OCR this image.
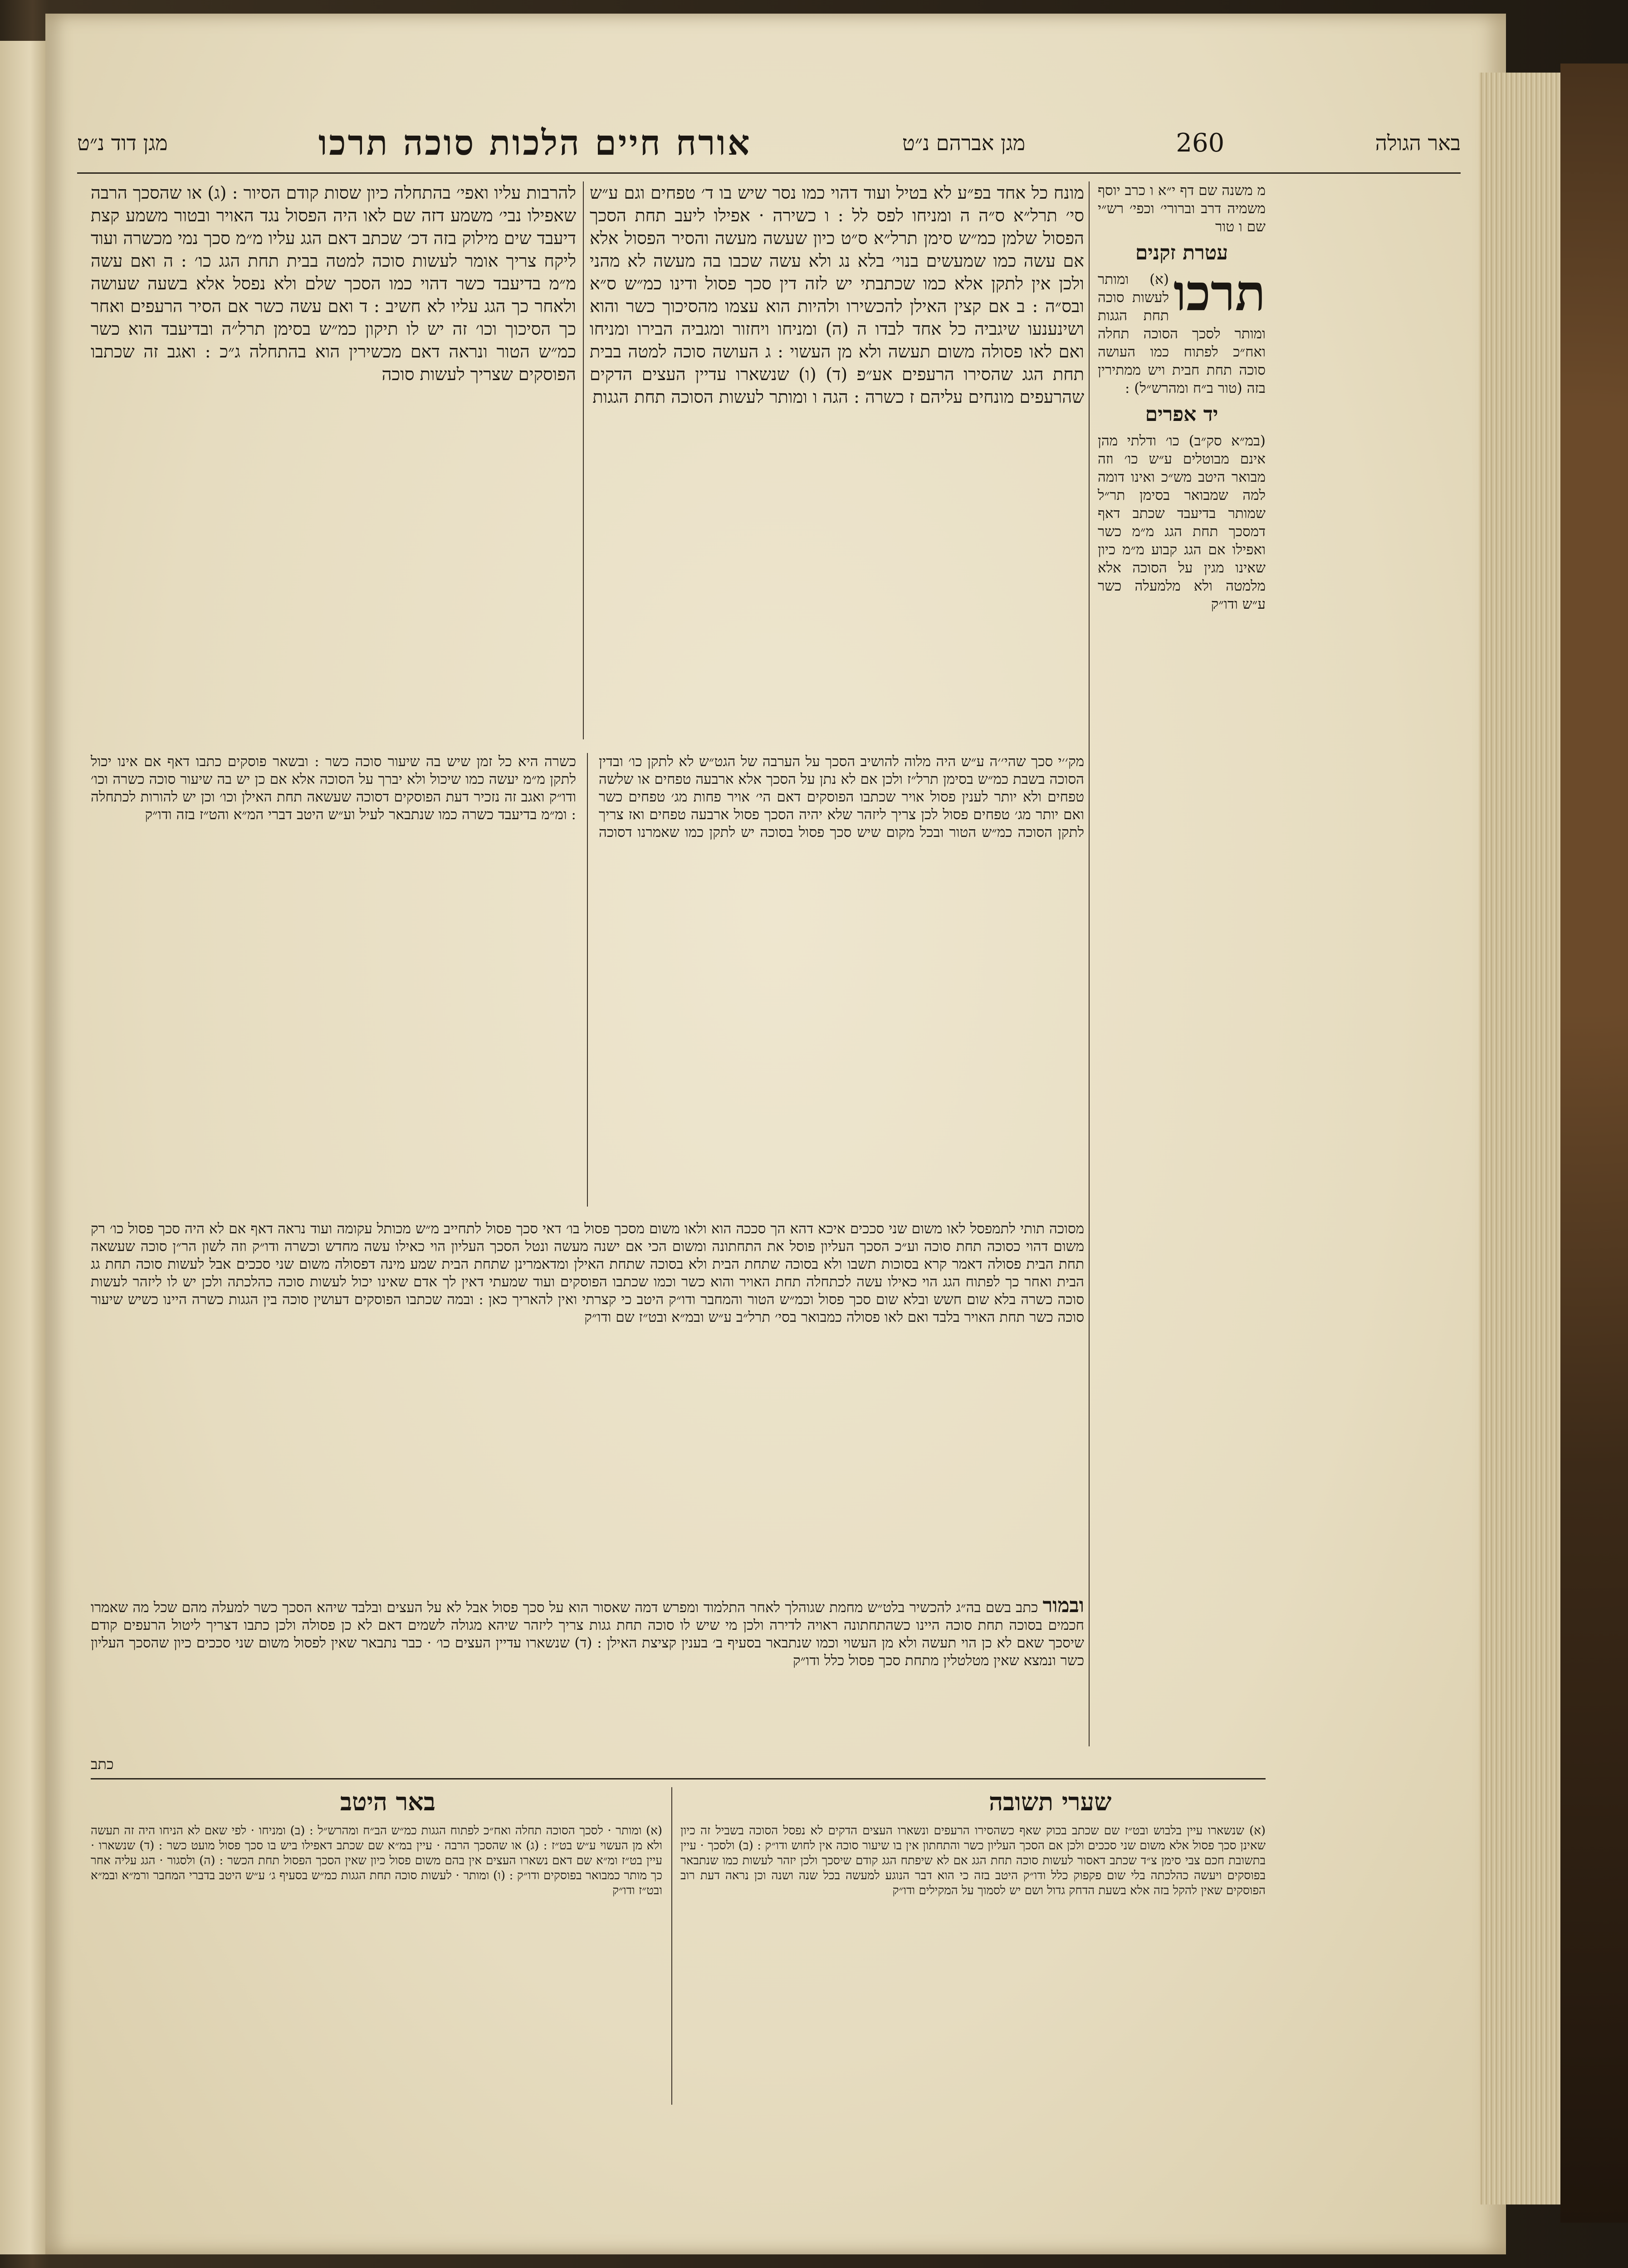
באר הגולה
260
מגן אברהם נ״ט
אורח חיים הלכות סוכה תרכו
מגן דוד נ״ט
מ משנה שם דף י״א ו כרב יוסף משמיה דרב וברורי׳ וכפי׳ רש״י שם ו טור
עטרת זקנים
תרכו
(א) ומותר לעשות סוכה תחת הגגות ומותר לסכך הסוכה תחלה ואח״כ לפתוח כמו העושה סוכה תחת חבית ויש ממתירין בזה (טור ב״ח ומהרש״ל) :
יד אפרים
(במ״א סק״ב) כו׳ ודלתי מהן אינם מבוטלים ע״ש כו׳ וזה מבואר היטב מש״כ ואינו דומה למה שמבואר בסימן תר״ל שמותר בדיעבד שכתב דאף דמסכך תחת הגג מ״מ כשר ואפילו אם הגג קבוע מ״מ כיון שאינו מגין על הסוכה אלא מלמטה ולא מלמעלה כשר ע״ש ודו״ק
מונח כל אחד בפ״ע לא בטיל ועוד דהוי כמו נסר שיש בו ד׳ טפחים וגם ע״ש סי׳ תרל״א ס״ה ה ומניחו לפס לל : ו כשירה · אפילו ליעב תחת הסכך הפסול שלמן כמ״ש סימן תרל״א ס״ט כיון שעשה מעשה והסיר הפסול אלא אם עשה כמו שמעשים בנוי׳ בלא נג ולא עשה שכבו בה מעשה לא מהני ולכן אין לתקן אלא כמו שכתבתי יש לזה דין סכך פסול ודינו כמ״ש ס״א ובס״ה : ב אם קצין האילן להכשירו ולהיות הוא עצמו מהסיכוך כשר והוא ושינענעו שיגביה כל אחד לבדו ה (ה) ומניחו ויחזור ומגביה הבירו ומניחו ואם לאו פסולה משום תעשה ולא מן העשוי : ג העושה סוכה למטה בבית תחת הגג שהסירו הרעפים אע״פ (ד) (ו) שנשארו עדיין העצים הדקים שהרעפים מונחים עליהם ז כשרה : הגה ו ומותר לעשות הסוכה תחת הגגות
להרבות עליו ואפי׳ בהתחלה כיון שסות קודם הסיור : (ג) או שהסכך הרבה שאפילו נבי׳ משמע דזה שם לאו היה הפסול נגד האויר ובטור משמע קצת דיעבד שים מילוק בזה דכ׳ שכתב דאם הגג עליו מ״מ סכך נמי מכשרה ועוד ליקח צריך אומר לעשות סוכה למטה בבית תחת הגג כו׳ : ה ואם עשה מ״מ בדיעבד כשר דהוי כמו הסכך שלם ולא נפסל אלא בשעה שעושה ולאחר כך הגג עליו לא חשיב : ד ואם עשה כשר אם הסיר הרעפים ואחר כך הסיכוך וכו׳ זה יש לו תיקון כמ״ש בסימן תרל״ה ובדיעבד הוא כשר כמ״ש הטור ונראה דאם מכשירין הוא בהתחלה ג״כ : ואגב זה שכתבו הפוסקים שצריך לעשות סוכה
מק׳׳י סכך שהי׳׳ה ע״ש היה מלוה להושיב הסכך על הערבה של הגט״ש לא לתקן כו׳ ובדין הסוכה בשבת כמ״ש בסימן תרל״ז ולכן אם לא נתן על הסכך אלא ארבעה טפחים או שלשה טפחים ולא יותר לענין פסול אויר שכתבו הפוסקים דאם הי׳ אויר פחות מג׳ טפחים כשר ואם יותר מג׳ טפחים פסול לכן צריך ליזהר שלא יהיה הסכך פסול ארבעה טפחים ואז צריך לתקן הסוכה כמ״ש הטור ובכל מקום שיש סכך פסול בסוכה יש לתקן כמו שאמרנו דסוכה כשרה היא כל זמן שיש בה שיעור סוכה כשר : ובשאר פוסקים כתבו דאף אם אינו יכול לתקן מ״מ יעשה כמו שיכול ולא יברך על הסוכה אלא אם כן יש בה שיעור סוכה כשרה וכו׳ ודו״ק ואגב זה נזכיר דעת הפוסקים דסוכה שעשאה תחת האילן וכו׳ וכן יש להורות לכתחלה : ומ״מ בדיעבד כשרה כמו שנתבאר לעיל וע״ש היטב דברי המ״א והט״ז בזה ודו״ק
מסוכה תותי לתמפסל לאו משום שני סככים איכא דהא הך סככה הוא ולאו משום מסכך פסול בו׳ דאי סכך פסול לתחייב מ״ש מכותל עקומה ועוד נראה דאף אם לא היה סכך פסול כו׳ רק משום דהוי כסוכה תחת סוכה וע״כ הסכך העליון פוסל את התחתונה ומשום הכי אם ישנה מעשה ונטל הסכך העליון הוי כאילו עשה מחדש וכשרה ודו״ק וזה לשון הר״ן סוכה שעשאה תחת הבית פסולה דאמר קרא בסוכות תשבו ולא בסוכה שתחת הבית ולא בסוכה שתחת האילן ומדאמרינן שתחת הבית שמע מינה דפסולה משום שני סככים אבל לעשות סוכה תחת גג הבית ואחר כך לפתוח הגג הוי כאילו עשה לכתחלה תחת האויר והוא כשר וכמו שכתבו הפוסקים ועוד שמעתי דאין לך אדם שאינו יכול לעשות סוכה כהלכתה ולכן יש לו ליזהר לעשות סוכה כשרה בלא שום חשש ובלא שום סכך פסול וכמ״ש הטור והמחבר ודו״ק היטב כי קצרתי ואין להאריך כאן : ובמה שכתבו הפוסקים דעושין סוכה בין הגגות כשרה היינו כשיש שיעור סוכה כשר תחת האויר בלבד ואם לאו פסולה כמבואר בסי׳ תרל״ב ע״ש ובמ״א ובט״ז שם ודו״ק
ובמור כתב בשם בה״ג להכשיר בלט״ש מחמת שגוהלך לאחר התלמוד ומפרש דמה שאסור הוא על סכך פסול אבל לא על העצים ובלבד שיהא הסכך כשר למעלה מהם שכל מה שאמרו חכמים בסוכה תחת סוכה היינו כשהתחתונה ראויה לדירה ולכן מי שיש לו סוכה תחת גגות צריך ליזהר שיהא מגולה לשמים דאם לא כן פסולה ולכן כתבו דצריך ליטול הרעפים קודם שיסכך שאם לא כן הוי תעשה ולא מן העשוי וכמו שנתבאר בסעיף ב׳ בענין קציצת האילן : (ד) שנשארו עדיין העצים כו׳ · כבר נתבאר שאין לפסול משום שני סככים כיון שהסכך העליון כשר ונמצא שאין מטלטלין מתחת סכך פסול כלל ודו״ק
כתב
שערי תשובה
באר היטב
(א) שנשארו עיין בלבוש ובט״ז שם שכתב בכוק שאף כשהסירו הרעפים ונשארו העצים הדקים לא נפסל הסוכה בשביל זה כיון שאינן סכך פסול אלא משום שני סככים ולכן אם הסכך העליון כשר והתחתון אין בו שיעור סוכה אין לחוש ודו״ק : (ב) ולסכך · עיין בתשובת חכם צבי סימן צ״ד שכתב דאסור לעשות סוכה תחת הגג אם לא שיפתח הגג קודם שיסכך ולכן יזהר לעשות כמו שנתבאר בפוסקים ויעשה כהלכתה בלי שום פקפוק כלל ודו״ק היטב בזה כי הוא דבר הנוגע למעשה בכל שנה ושנה וכן נראה דעת רוב הפוסקים שאין להקל בזה אלא בשעת הדחק גדול ושם יש לסמוך על המקילים ודו״ק
(א) ומותר · לסכך הסוכה תחלה ואח״כ לפתוח הגגות כמ״ש הב״ח ומהרש״ל : (ב) ומניחו · לפי שאם לא הניחו היה זה תעשה ולא מן העשוי ע״ש בט״ז : (ג) או שהסכך הרבה · עיין במ״א שם שכתב דאפילו ביש בו סכך פסול מועט כשר : (ד) שנשארו · עיין בט״ז ומ״א שם דאם נשארו העצים אין בהם משום פסול כיון שאין הסכך הפסול תחת הכשר : (ה) ולסגור · הגג עליה אחר כך מותר כמבואר בפוסקים ודו״ק : (ו) ומותר · לעשות סוכה תחת הגגות כמ״ש בסעיף ג׳ ע״ש היטב בדברי המחבר ורמ״א ובמ״א ובט״ז ודו״ק
